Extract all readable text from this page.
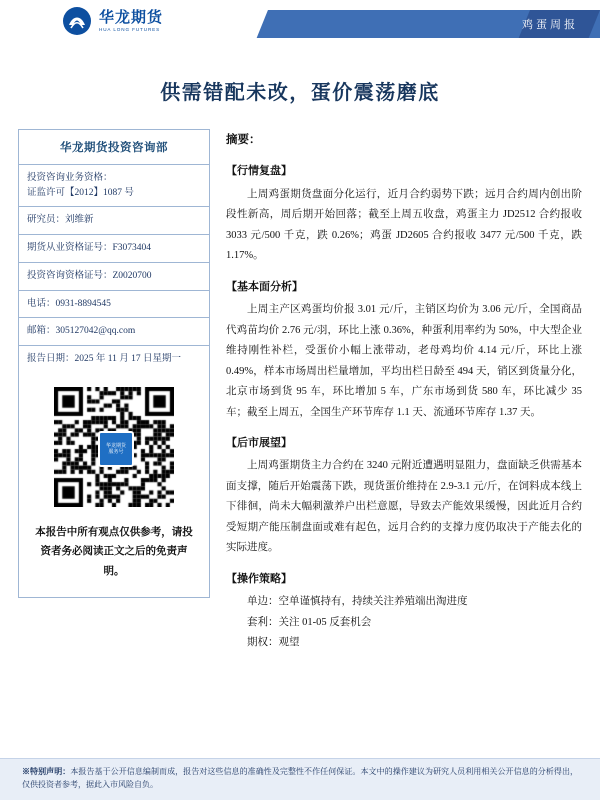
华龙期货
HUA LONG FUTURES	鸡蛋周报
供需错配未改，蛋价震荡磨底
华龙期货投资咨询部
投资咨询业务资格：
证监许可【2012】1087 号
研究员：刘维新
期货从业资格证号：F3073404
投资咨询资格证号：Z0020700
电话：0931-8894545
邮箱：305127042@qq.com
报告日期：2025 年 11 月 17 日星期一
华龙期货
服务号
本报告中所有观点仅供参考，请投资者务必阅读正文之后的免责声明。
摘要：
【行情复盘】

上周鸡蛋期货盘面分化运行，近月合约弱势下跌；远月合约周内创出阶段性新高，周后期开始回落；截至上周五收盘，鸡蛋主力 JD2512 合约报收 3033 元/500 千克，跌 0.26%；鸡蛋 JD2605 合约报收 3477 元/500 千克，跌 1.17%。

【基本面分析】

上周主产区鸡蛋均价报 3.01 元/斤，主销区均价为 3.06 元/斤，全国商品代鸡苗均价 2.76 元/羽，环比上涨 0.36%，种蛋利用率约为 50%，中大型企业维持刚性补栏，受蛋价小幅上涨带动，老母鸡均价 4.14 元/斤，环比上涨 0.49%，样本市场周出栏量增加，平均出栏日龄至 494 天，销区到货量分化，北京市场到货 95 车，环比增加 5 车，广东市场到货 580 车，环比减少 35 车；截至上周五，全国生产环节库存 1.1 天、流通环节库存 1.37 天。

【后市展望】

上周鸡蛋期货主力合约在 3240 元附近遭遇明显阻力，盘面缺乏供需基本面支撑，随后开始震荡下跌，现货蛋价维持在 2.9-3.1 元/斤，在饲料成本线上下徘徊，尚未大幅刺激养户出栏意愿，导致去产能效果缓慢，因此近月合约受短期产能压制盘面或难有起色，远月合约的支撑力度仍取决于产能去化的实际进度。

【操作策略】

单边：空单谨慎持有，持续关注养殖端出淘进度

套利：关注 01-05 反套机会

期权：观望

※特别声明：本报告基于公开信息编制而成，报告对这些信息的准确性及完整性不作任何保证。本文中的操作建议为研究人员利用相关公开信息的分析得出，仅供投资者参考，据此入市风险自负。
